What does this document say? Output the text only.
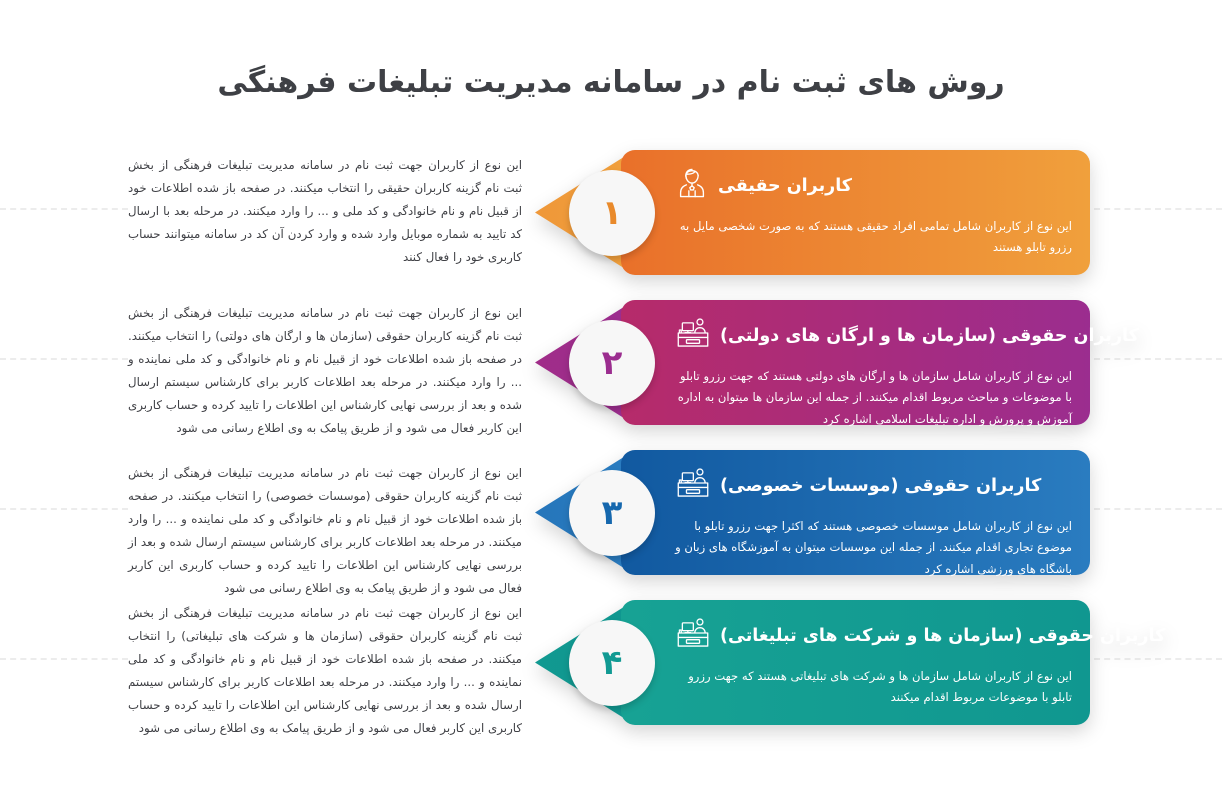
روش های ثبت نام در سامانه مدیریت تبلیغات فرهنگی
۱
کاربران حقیقی
این نوع از کاربران شامل تمامی افراد حقیقی هستند که به صورت شخصی مایل به رزرو تابلو هستند
این نوع از کاربران جهت ثبت نام در سامانه مدیریت تبلیغات فرهنگی از بخش ثبت نام گزینه کاربران حقیقی را انتخاب میکنند. در صفحه باز شده اطلاعات خود از قبیل نام و نام خانوادگی و کد ملی و ... را وارد میکنند. در مرحله بعد با ارسال کد تایید به شماره موبایل وارد شده و وارد کردن آن کد در سامانه میتوانند حساب کاربری خود را فعال کنند
۲
کاربران حقوقی (سازمان ها و ارگان های دولتی)
این نوع از کاربران شامل سازمان ها و ارگان های دولتی هستند که جهت رزرو تابلو با موضوعات و مباحث مربوط اقدام میکنند. از جمله این سازمان ها میتوان به اداره آموزش و پرورش و اداره تبلیغات اسلامی اشاره کرد
این نوع از کاربران جهت ثبت نام در سامانه مدیریت تبلیغات فرهنگی از بخش ثبت نام گزینه کاربران حقوقی (سازمان ها و ارگان های دولتی) را انتخاب میکنند. در صفحه باز شده اطلاعات خود از قبیل نام و نام خانوادگی و کد ملی نماینده و ... را وارد میکنند. در مرحله بعد اطلاعات کاربر برای کارشناس سیستم ارسال شده و بعد از بررسی نهایی کارشناس این اطلاعات را تایید کرده و حساب کاربری این کاربر فعال می شود و از طریق پیامک به وی اطلاع رسانی می شود
۳
کاربران حقوقی (موسسات خصوصی)
این نوع از کاربران شامل موسسات خصوصی هستند که اکثرا جهت رزرو تابلو با موضوع تجاری اقدام میکنند. از جمله این موسسات میتوان به آموزشگاه های زبان و باشگاه های ورزشی اشاره کرد
این نوع از کاربران جهت ثبت نام در سامانه مدیریت تبلیغات فرهنگی از بخش ثبت نام گزینه کاربران حقوقی (موسسات خصوصی) را انتخاب میکنند. در صفحه باز شده اطلاعات خود از قبیل نام و نام خانوادگی و کد ملی نماینده و ... را وارد میکنند. در مرحله بعد اطلاعات کاربر برای کارشناس سیستم ارسال شده و بعد از بررسی نهایی کارشناس این اطلاعات را تایید کرده و حساب کاربری این کاربر فعال می شود و از طریق پیامک به وی اطلاع رسانی می شود
۴
کاربران حقوقی (سازمان ها و شرکت های تبلیغاتی)
این نوع از کاربران شامل سازمان ها و شرکت های تبلیغاتی هستند که جهت رزرو تابلو با موضوعات مربوط اقدام میکنند
این نوع از کاربران جهت ثبت نام در سامانه مدیریت تبلیغات فرهنگی از بخش ثبت نام گزینه کاربران حقوقی (سازمان ها و شرکت های تبلیغاتی) را انتخاب میکنند. در صفحه باز شده اطلاعات خود از قبیل نام و نام خانوادگی و کد ملی نماینده و ... را وارد میکنند. در مرحله بعد اطلاعات کاربر برای کارشناس سیستم ارسال شده و بعد از بررسی نهایی کارشناس این اطلاعات را تایید کرده و حساب کاربری این کاربر فعال می شود و از طریق پیامک به وی اطلاع رسانی می شود
